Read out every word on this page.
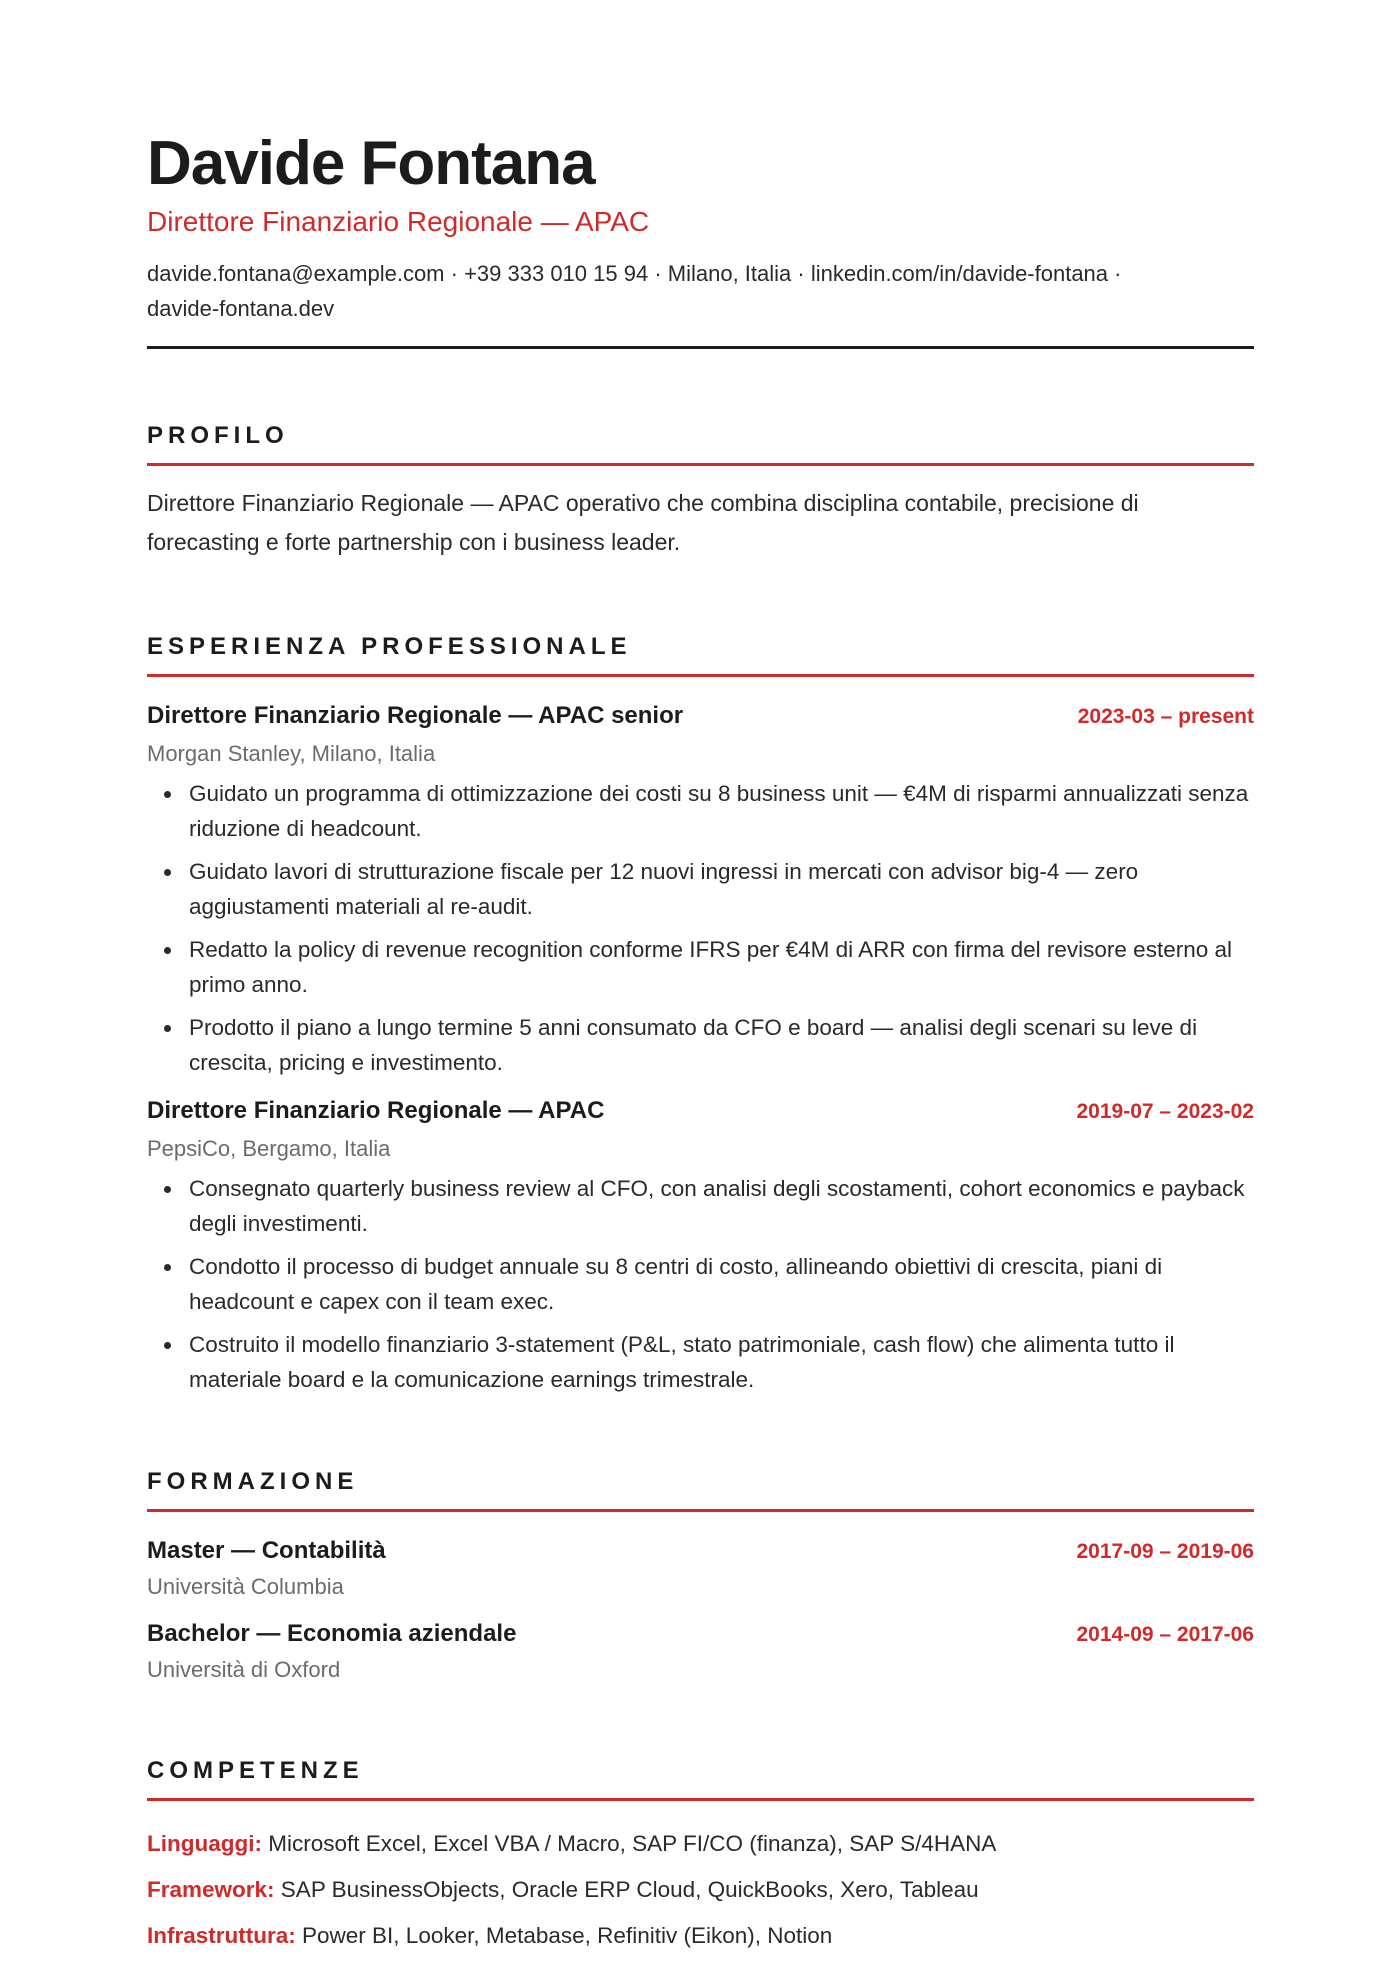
Davide Fontana
Direttore Finanziario Regionale — APAC
davide.fontana@example.com · +39 333 010 15 94 · Milano, Italia · linkedin.com/in/davide-fontana ·
davide-fontana.dev
PROFILO
Direttore Finanziario Regionale — APAC operativo che combina disciplina contabile, precisione di forecasting e forte partnership con i business leader.
ESPERIENZA PROFESSIONALE
Direttore Finanziario Regionale — APAC senior	2023-03 – present
Morgan Stanley, Milano, Italia
Guidato un programma di ottimizzazione dei costi su 8 business unit — €4M di risparmi annualizzati senza riduzione di headcount.
Guidato lavori di strutturazione fiscale per 12 nuovi ingressi in mercati con advisor big-4 — zero aggiustamenti materiali al re-audit.
Redatto la policy di revenue recognition conforme IFRS per €4M di ARR con firma del revisore esterno al primo anno.
Prodotto il piano a lungo termine 5 anni consumato da CFO e board — analisi degli scenari su leve di crescita, pricing e investimento.
Direttore Finanziario Regionale — APAC	2019-07 – 2023-02
PepsiCo, Bergamo, Italia
Consegnato quarterly business review al CFO, con analisi degli scostamenti, cohort economics e payback degli investimenti.
Condotto il processo di budget annuale su 8 centri di costo, allineando obiettivi di crescita, piani di headcount e capex con il team exec.
Costruito il modello finanziario 3-statement (P&L, stato patrimoniale, cash flow) che alimenta tutto il materiale board e la comunicazione earnings trimestrale.
FORMAZIONE
Master — Contabilità	2017-09 – 2019-06
Università Columbia
Bachelor — Economia aziendale	2014-09 – 2017-06
Università di Oxford
COMPETENZE
Linguaggi: Microsoft Excel, Excel VBA / Macro, SAP FI/CO (finanza), SAP S/4HANA
Framework: SAP BusinessObjects, Oracle ERP Cloud, QuickBooks, Xero, Tableau
Infrastruttura: Power BI, Looker, Metabase, Refinitiv (Eikon), Notion
